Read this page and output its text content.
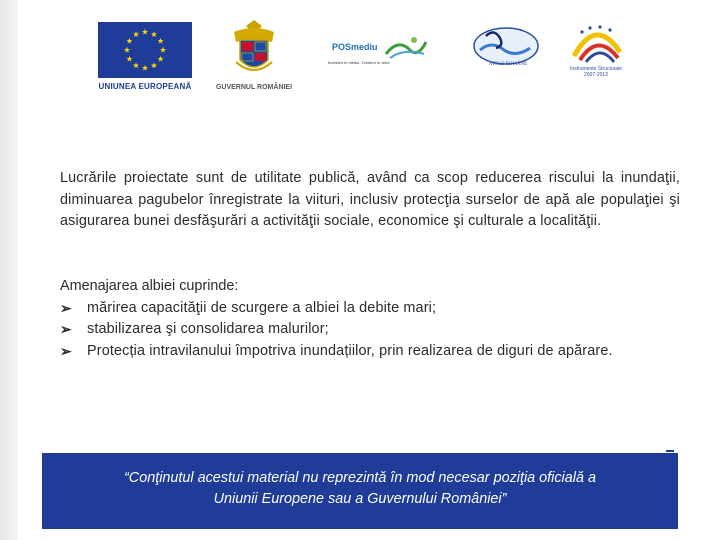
UNIUNEA EUROPEANĂ	GUVERNUL ROMÂNIEI
POSmediu
Investim în mediu. Credem în viitor	APELE ROMÂNE
Instrumente Structurale
2007-2013

Lucrările proiectate sunt de utilitate publică, având ca scop reducerea riscului la inundaţii, diminuarea pagubelor înregistrate la viituri, inclusiv protecţia surselor de apă ale populaţiei şi asigurarea bunei desfăşurări a activităţii sociale, economice şi culturale a localităţii.

Amenajarea albiei cuprinde:

➢ mărirea capacităţii de scurgere a albiei la debite mari;
➢ stabilizarea şi consolidarea malurilor;
➢ Protecția intravilanului împotriva inundațiilor, prin realizarea de diguri de apărare.
“Conţinutul acestui material nu reprezintă în mod necesar poziţia oficială a
Uniunii Europene sau a Guvernului României”
